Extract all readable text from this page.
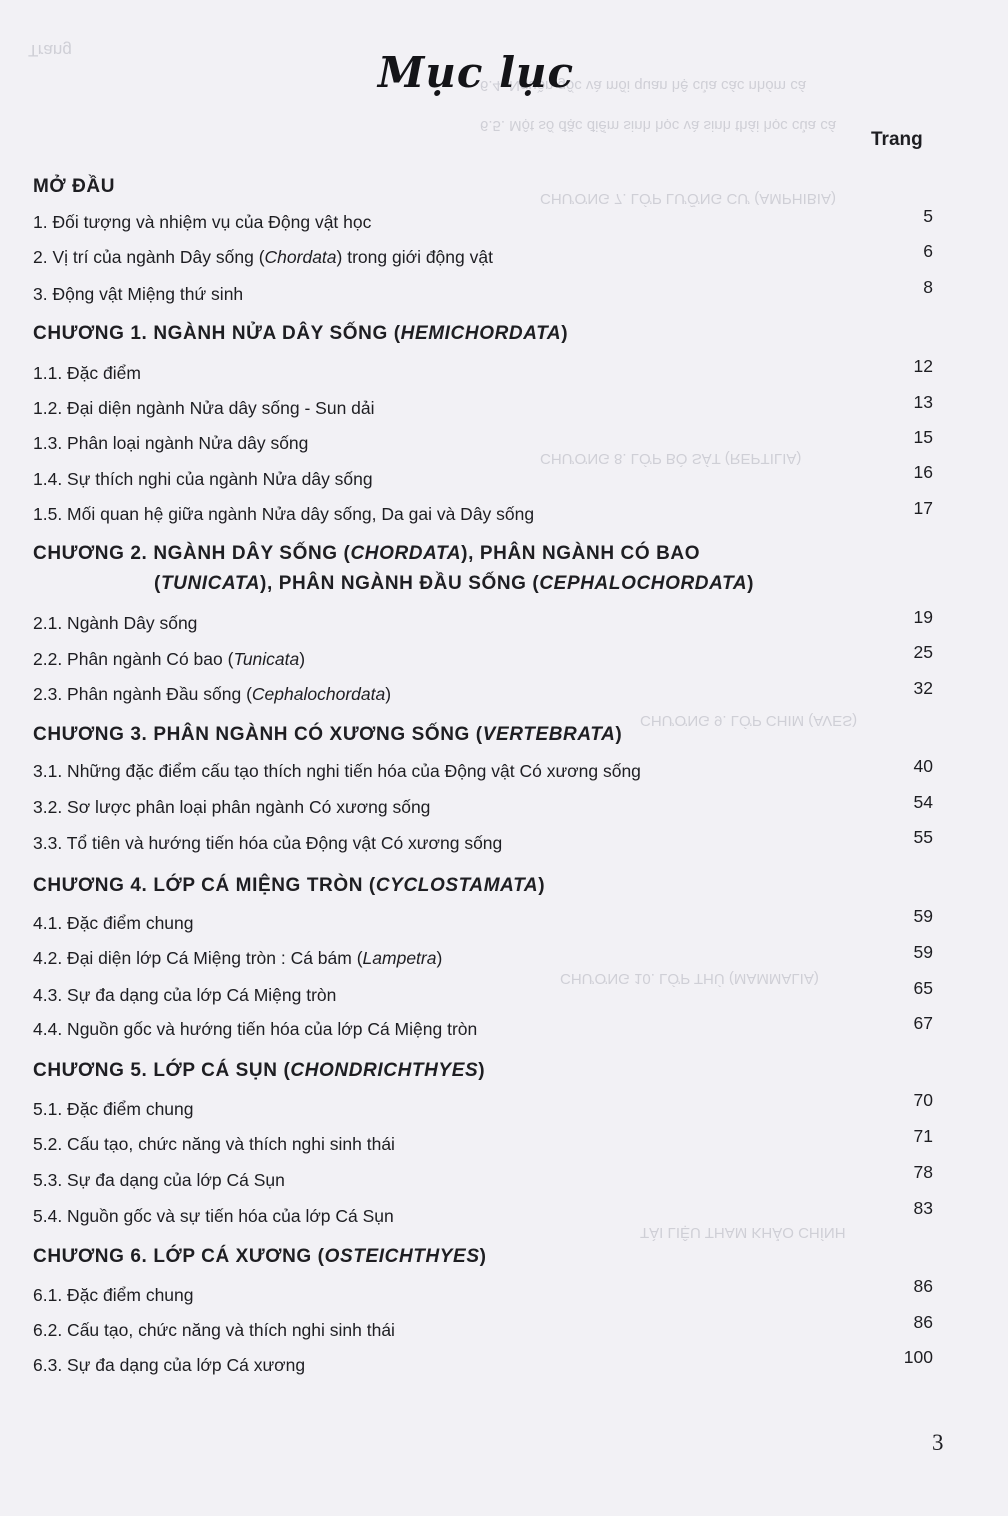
Trang
6.4. Nguồn gốc và mối quan hệ của các nhóm cá
6.5. Một số đặc điểm sinh học và sinh thái học của cá
CHƯƠNG 7. LỚP LƯỠNG CƯ (AMPHIBIA)
CHƯƠNG 8. LỚP BÒ SÁT (REPTILIA)
CHƯƠNG 9. LỚP CHIM (AVES)
CHƯƠNG 10. LỚP THÚ (MAMMALIA)
TÀI LIỆU THAM KHẢO CHÍNH
Mục lục
Trang
MỞ ĐẦU
1. Đối tượng và nhiệm vụ của Động vật học	5
2. Vị trí của ngành Dây sống (Chordata) trong giới động vật	6
3. Động vật Miệng thứ sinh	8
CHƯƠNG 1. NGÀNH NỬA DÂY SỐNG (HEMICHORDATA)
1.1. Đặc điểm	12
1.2. Đại diện ngành Nửa dây sống - Sun dải	13
1.3. Phân loại ngành Nửa dây sống	15
1.4. Sự thích nghi của ngành Nửa dây sống	16
1.5. Mối quan hệ giữa ngành Nửa dây sống, Da gai và Dây sống	17
CHƯƠNG 2. NGÀNH DÂY SỐNG (CHORDATA), PHÂN NGÀNH CÓ BAO
(TUNICATA), PHÂN NGÀNH ĐẦU SỐNG (CEPHALOCHORDATA)
2.1. Ngành Dây sống	19
2.2. Phân ngành Có bao (Tunicata)	25
2.3. Phân ngành Đầu sống (Cephalochordata)	32
CHƯƠNG 3. PHÂN NGÀNH CÓ XƯƠNG SỐNG (VERTEBRATA)
3.1. Những đặc điểm cấu tạo thích nghi tiến hóa của Động vật Có xương sống	40
3.2. Sơ lược phân loại phân ngành Có xương sống	54
3.3. Tổ tiên và hướng tiến hóa của Động vật Có xương sống	55
CHƯƠNG 4. LỚP CÁ MIỆNG TRÒN (CYCLOSTAMATA)
4.1. Đặc điểm chung	59
4.2. Đại diện lớp Cá Miệng tròn : Cá bám (Lampetra)	59
4.3. Sự đa dạng của lớp Cá Miệng tròn	65
4.4. Nguồn gốc và hướng tiến hóa của lớp Cá Miệng tròn	67
CHƯƠNG 5. LỚP CÁ SỤN (CHONDRICHTHYES)
5.1. Đặc điểm chung	70
5.2. Cấu tạo, chức năng và thích nghi sinh thái	71
5.3. Sự đa dạng của lớp Cá Sụn	78
5.4. Nguồn gốc và sự tiến hóa của lớp Cá Sụn	83
CHƯƠNG 6. LỚP CÁ XƯƠNG (OSTEICHTHYES)
6.1. Đặc điểm chung	86
6.2. Cấu tạo, chức năng và thích nghi sinh thái	86
6.3. Sự đa dạng của lớp Cá xương	100
3
